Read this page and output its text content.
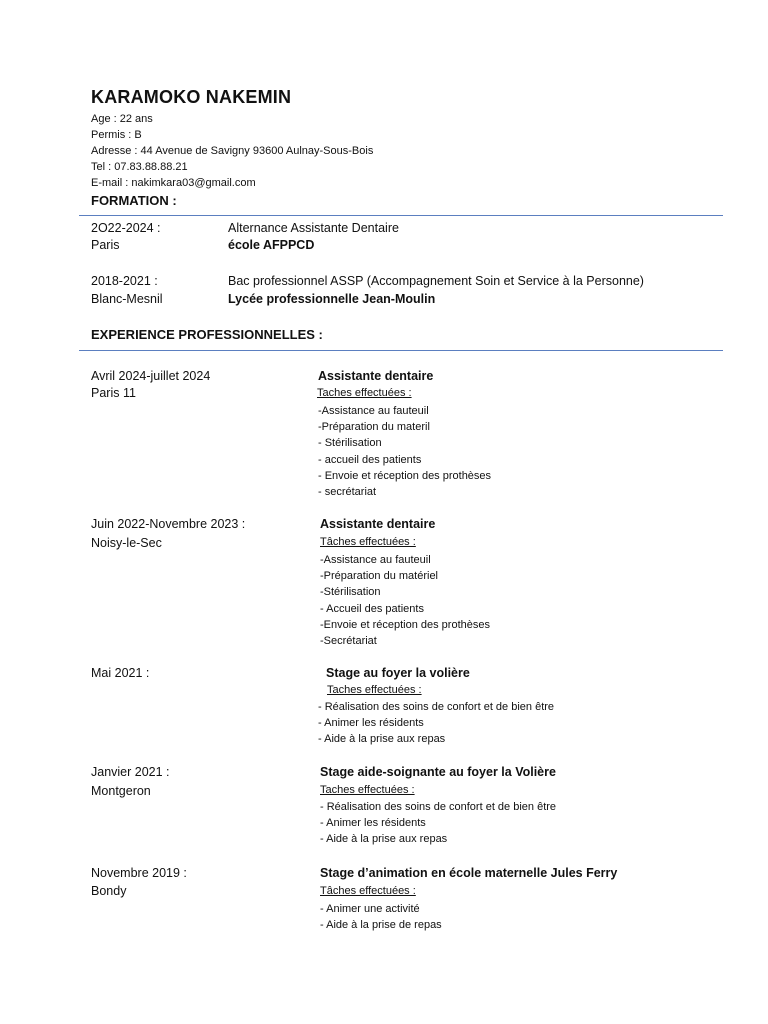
KARAMOKO NAKEMIN
Age : 22 ans
Permis : B
Adresse : 44 Avenue de Savigny 93600 Aulnay-Sous-Bois
Tel : 07.83.88.88.21
E-mail : nakimkara03@gmail.com
FORMATION :
2O22-2024 :
Paris
Alternance Assistante Dentaire
école AFPPCD
2018-2021 :
Blanc-Mesnil
Bac professionnel ASSP (Accompagnement Soin et Service à la Personne)
Lycée professionnelle Jean-Moulin
EXPERIENCE PROFESSIONNELLES :
Avril 2024-juillet 2024
Paris 11
Assistante dentaire
Taches effectuées :
-Assistance au fauteuil
-Préparation du materil
- Stérilisation
- accueil des patients
- Envoie et réception des prothèses
- secrétariat
Juin 2022-Novembre 2023 :
Noisy-le-Sec
Assistante dentaire
Tâches effectuées :
-Assistance au fauteuil
-Préparation du matériel
-Stérilisation
- Accueil des patients
-Envoie et réception des prothèses
-Secrétariat
Mai 2021 :	Stage au foyer la volière
Taches effectuées :
- Réalisation des soins de confort et de bien être
- Animer les résidents
- Aide à la prise aux repas
Janvier 2021 :
Montgeron
Stage aide-soignante au foyer la Volière
Taches effectuées :
- Réalisation des soins de confort et de bien être
- Animer les résidents
- Aide à la prise aux repas
Novembre 2019 :
Bondy
Stage d’animation en école maternelle Jules Ferry
Tâches effectuées :
- Animer une activité
- Aide à la prise de repas
